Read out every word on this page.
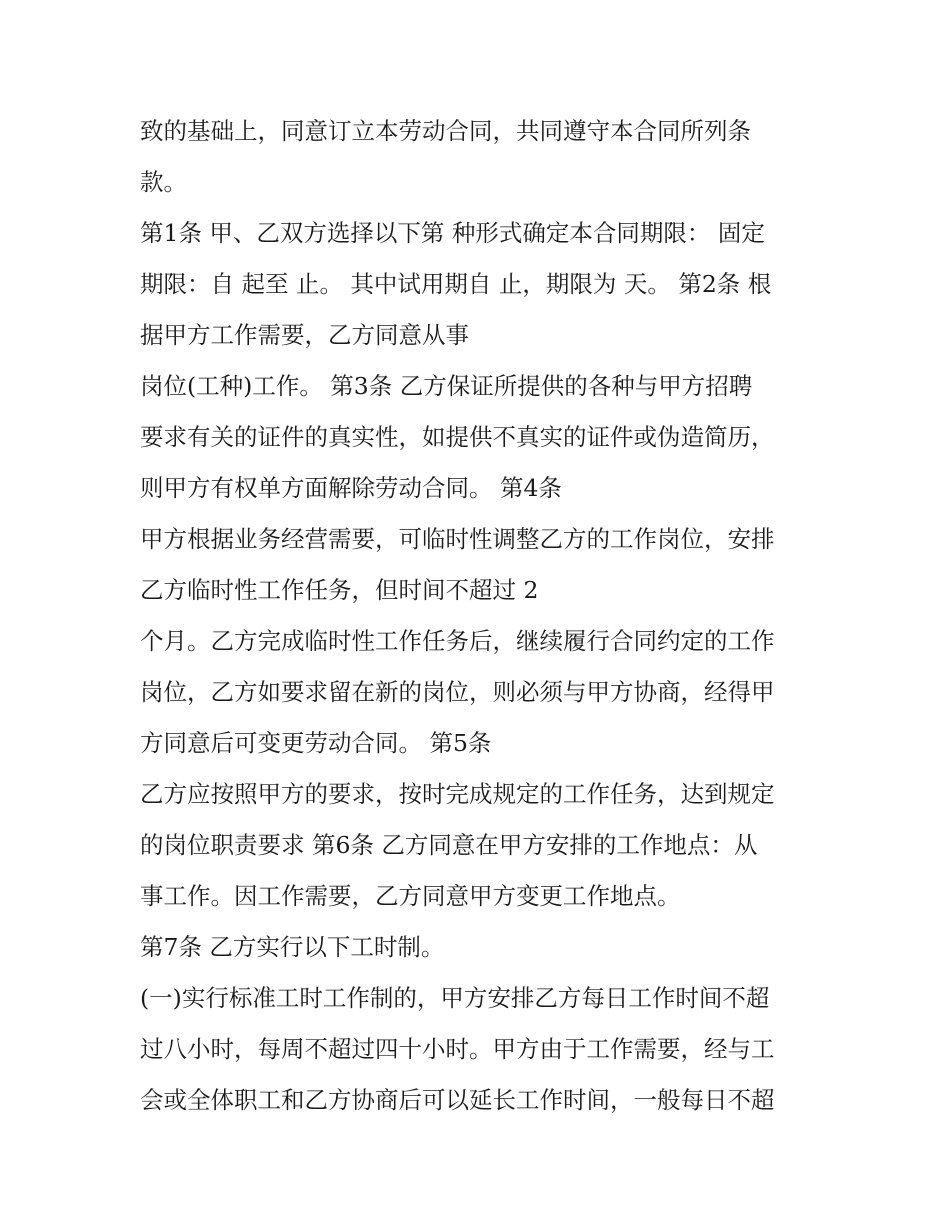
致的基础上，同意订立本劳动合同，共同遵守本合同所列条
款。
第1条 甲、乙双方选择以下第 种形式确定本合同期限： 固定
期限：自 起至 止。 其中试用期自 止，期限为 天。 第2条 根
据甲方工作需要，乙方同意从事
岗位(工种)工作。 第3条 乙方保证所提供的各种与甲方招聘
要求有关的证件的真实性，如提供不真实的证件或伪造简历，
则甲方有权单方面解除劳动合同。 第4条
甲方根据业务经营需要，可临时性调整乙方的工作岗位，安排
乙方临时性工作任务，但时间不超过 2
个月。乙方完成临时性工作任务后，继续履行合同约定的工作
岗位，乙方如要求留在新的岗位，则必须与甲方协商，经得甲
方同意后可变更劳动合同。 第5条
乙方应按照甲方的要求，按时完成规定的工作任务，达到规定
的岗位职责要求 第6条 乙方同意在甲方安排的工作地点：从
事工作。因工作需要，乙方同意甲方变更工作地点。
第7条 乙方实行以下工时制。
(一)实行标准工时工作制的，甲方安排乙方每日工作时间不超
过八小时，每周不超过四十小时。甲方由于工作需要，经与工
会或全体职工和乙方协商后可以延长工作时间，一般每日不超
